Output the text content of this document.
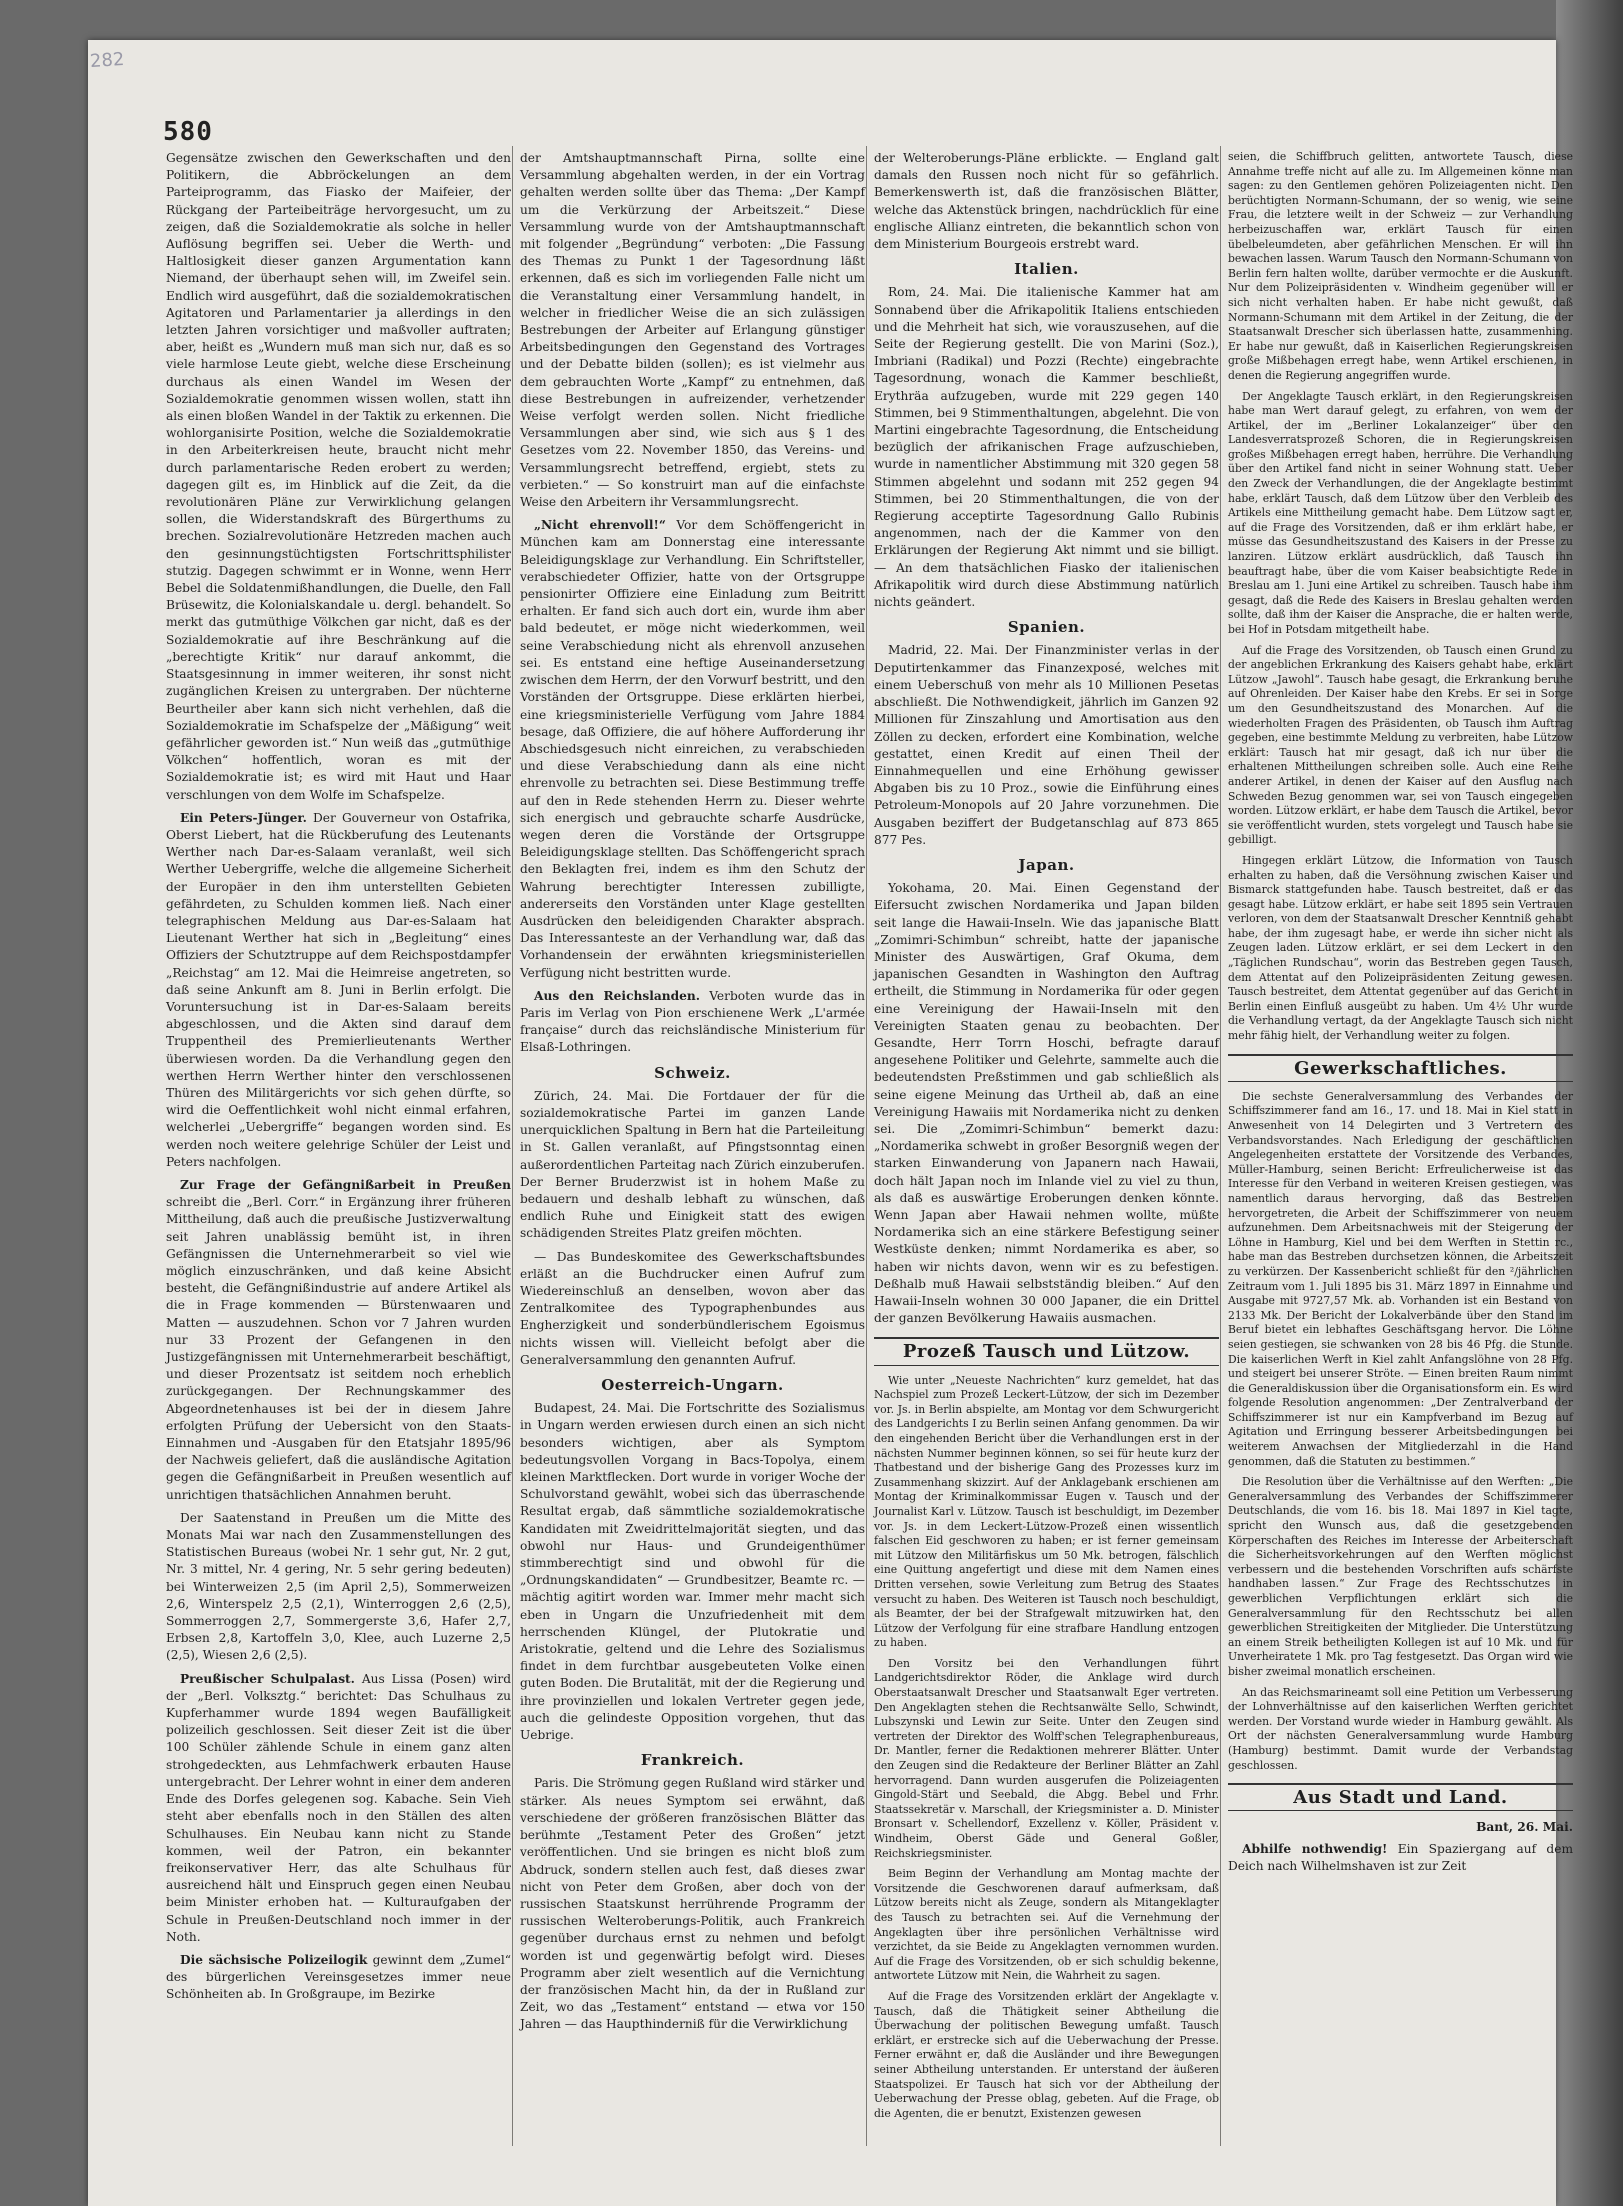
282
580

Gegensätze zwischen den Gewerkschaften und den Politikern, die Abbröckelungen an dem Parteiprogramm, das Fiasko der Maifeier, der Rückgang der Parteibeiträge hervorgesucht, um zu zeigen, daß die Sozialdemokratie als solche in heller Auflösung begriffen sei. Ueber die Werth- und Haltlosigkeit dieser ganzen Argumentation kann Niemand, der überhaupt sehen will, im Zweifel sein. Endlich wird ausgeführt, daß die sozialdemokratischen Agitatoren und Parlamentarier ja allerdings in den letzten Jahren vorsichtiger und maßvoller auftraten; aber, heißt es „Wundern muß man sich nur, daß es so viele harmlose Leute giebt, welche diese Erscheinung durchaus als einen Wandel im Wesen der Sozialdemokratie genommen wissen wollen, statt ihn als einen bloßen Wandel in der Taktik zu erkennen. Die wohlorganisirte Position, welche die Sozialdemokratie in den Arbeiterkreisen heute, braucht nicht mehr durch parlamentarische Reden erobert zu werden; dagegen gilt es, im Hinblick auf die Zeit, da die revolutionären Pläne zur Verwirklichung gelangen sollen, die Widerstandskraft des Bürgerthums zu brechen. Sozialrevolutionäre Hetzreden machen auch den gesinnungstüchtigsten Fortschrittsphilister stutzig. Dagegen schwimmt er in Wonne, wenn Herr Bebel die Soldatenmißhandlungen, die Duelle, den Fall Brüsewitz, die Kolonialskandale u. dergl. behandelt. So merkt das gutmüthige Völkchen gar nicht, daß es der Sozialdemokratie auf ihre Beschränkung auf die „berechtigte Kritik“ nur darauf ankommt, die Staatsgesinnung in immer weiteren, ihr sonst nicht zugänglichen Kreisen zu untergraben. Der nüchterne Beurtheiler aber kann sich nicht verhehlen, daß die Sozialdemokratie im Schafspelze der „Mäßigung“ weit gefährlicher geworden ist.“ Nun weiß das „gutmüthige Völkchen“ hoffentlich, woran es mit der Sozialdemokratie ist; es wird mit Haut und Haar verschlungen von dem Wolfe im Schafspelze.

Ein Peters-Jünger. Der Gouverneur von Ostafrika, Oberst Liebert, hat die Rückberufung des Leutenants Werther nach Dar-es-Salaam veranlaßt, weil sich Werther Uebergriffe, welche die allgemeine Sicherheit der Europäer in den ihm unterstellten Gebieten gefährdeten, zu Schulden kommen ließ. Nach einer telegraphischen Meldung aus Dar-es-Salaam hat Lieutenant Werther hat sich in „Begleitung“ eines Offiziers der Schutztruppe auf dem Reichspostdampfer „Reichstag“ am 12. Mai die Heimreise angetreten, so daß seine Ankunft am 8. Juni in Berlin erfolgt. Die Voruntersuchung ist in Dar-es-Salaam bereits abgeschlossen, und die Akten sind darauf dem Truppentheil des Premierlieutenants Werther überwiesen worden. Da die Verhandlung gegen den werthen Herrn Werther hinter den verschlossenen Thüren des Militärgerichts vor sich gehen dürfte, so wird die Oeffentlichkeit wohl nicht einmal erfahren, welcherlei „Uebergriffe“ begangen worden sind. Es werden noch weitere gelehrige Schüler der Leist und Peters nachfolgen.

Zur Frage der Gefängnißarbeit in Preußen schreibt die „Berl. Corr.“ in Ergänzung ihrer früheren Mittheilung, daß auch die preußische Justizverwaltung seit Jahren unablässig bemüht ist, in ihren Gefängnissen die Unternehmerarbeit so viel wie möglich einzuschränken, und daß keine Absicht besteht, die Gefängnißindustrie auf andere Artikel als die in Frage kommenden — Bürstenwaaren und Matten — auszudehnen. Schon vor 7 Jahren wurden nur 33 Prozent der Gefangenen in den Justizgefängnissen mit Unternehmerarbeit beschäftigt, und dieser Prozentsatz ist seitdem noch erheblich zurückgegangen. Der Rechnungskammer des Abgeordnetenhauses ist bei der in diesem Jahre erfolgten Prüfung der Uebersicht von den Staats-Einnahmen und -Ausgaben für den Etatsjahr 1895/96 der Nachweis geliefert, daß die ausländische Agitation gegen die Gefängnißarbeit in Preußen wesentlich auf unrichtigen thatsächlichen Annahmen beruht.

Der Saatenstand in Preußen um die Mitte des Monats Mai war nach den Zusammenstellungen des Statistischen Bureaus (wobei Nr. 1 sehr gut, Nr. 2 gut, Nr. 3 mittel, Nr. 4 gering, Nr. 5 sehr gering bedeuten) bei Winterweizen 2,5 (im April 2,5), Sommerweizen 2,6, Winterspelz 2,5 (2,1), Winterroggen 2,6 (2,5), Sommerroggen 2,7, Sommergerste 3,6, Hafer 2,7, Erbsen 2,8, Kartoffeln 3,0, Klee, auch Luzerne 2,5 (2,5), Wiesen 2,6 (2,5).

Preußischer Schulpalast. Aus Lissa (Posen) wird der „Berl. Volksztg.“ berichtet: Das Schulhaus zu Kupferhammer wurde 1894 wegen Baufälligkeit polizeilich geschlossen. Seit dieser Zeit ist die über 100 Schüler zählende Schule in einem ganz alten strohgedeckten, aus Lehmfachwerk erbauten Hause untergebracht. Der Lehrer wohnt in einer dem anderen Ende des Dorfes gelegenen sog. Kabache. Sein Vieh steht aber ebenfalls noch in den Ställen des alten Schulhauses. Ein Neubau kann nicht zu Stande kommen, weil der Patron, ein bekannter freikonservativer Herr, das alte Schulhaus für ausreichend hält und Einspruch gegen einen Neubau beim Minister erhoben hat. — Kulturaufgaben der Schule in Preußen-Deutschland noch immer in der Noth.

Die sächsische Polizeilogik gewinnt dem „Zumel“ des bürgerlichen Vereinsgesetzes immer neue Schönheiten ab. In Großgraupe, im Bezirke

der Amtshauptmannschaft Pirna, sollte eine Versammlung abgehalten werden, in der ein Vortrag gehalten werden sollte über das Thema: „Der Kampf um die Verkürzung der Arbeitszeit.“ Diese Versammlung wurde von der Amtshauptmannschaft mit folgender „Begründung“ verboten: „Die Fassung des Themas zu Punkt 1 der Tagesordnung läßt erkennen, daß es sich im vorliegenden Falle nicht um die Veranstaltung einer Versammlung handelt, in welcher in friedlicher Weise die an sich zulässigen Bestrebungen der Arbeiter auf Erlangung günstiger Arbeitsbedingungen den Gegenstand des Vortrages und der Debatte bilden (sollen); es ist vielmehr aus dem gebrauchten Worte „Kampf“ zu entnehmen, daß diese Bestrebungen in aufreizender, verhetzender Weise verfolgt werden sollen. Nicht friedliche Versammlungen aber sind, wie sich aus § 1 des Gesetzes vom 22. November 1850, das Vereins- und Versammlungsrecht betreffend, ergiebt, stets zu verbieten.“ — So konstruirt man auf die einfachste Weise den Arbeitern ihr Versammlungsrecht.

„Nicht ehrenvoll!“ Vor dem Schöffengericht in München kam am Donnerstag eine interessante Beleidigungsklage zur Verhandlung. Ein Schriftsteller, verabschiedeter Offizier, hatte von der Ortsgruppe pensionirter Offiziere eine Einladung zum Beitritt erhalten. Er fand sich auch dort ein, wurde ihm aber bald bedeutet, er möge nicht wiederkommen, weil seine Verabschiedung nicht als ehrenvoll anzusehen sei. Es entstand eine heftige Auseinandersetzung zwischen dem Herrn, der den Vorwurf bestritt, und den Vorständen der Ortsgruppe. Diese erklärten hierbei, eine kriegsministerielle Verfügung vom Jahre 1884 besage, daß Offiziere, die auf höhere Aufforderung ihr Abschiedsgesuch nicht einreichen, zu verabschieden und diese Verabschiedung dann als eine nicht ehrenvolle zu betrachten sei. Diese Bestimmung treffe auf den in Rede stehenden Herrn zu. Dieser wehrte sich energisch und gebrauchte scharfe Ausdrücke, wegen deren die Vorstände der Ortsgruppe Beleidigungsklage stellten. Das Schöffengericht sprach den Beklagten frei, indem es ihm den Schutz der Wahrung berechtigter Interessen zubilligte, andererseits den Vorständen unter Klage gestellten Ausdrücken den beleidigenden Charakter absprach. Das Interessanteste an der Verhandlung war, daß das Vorhandensein der erwähnten kriegsministeriellen Verfügung nicht bestritten wurde.

Aus den Reichslanden. Verboten wurde das in Paris im Verlag von Pion erschienene Werk „L'armée française“ durch das reichsländische Ministerium für Elsaß-Lothringen.

Schweiz.

Zürich, 24. Mai. Die Fortdauer der für die sozialdemokratische Partei im ganzen Lande unerquicklichen Spaltung in Bern hat die Parteileitung in St. Gallen veranlaßt, auf Pfingstsonntag einen außerordentlichen Parteitag nach Zürich einzuberufen. Der Berner Bruderzwist ist in hohem Maße zu bedauern und deshalb lebhaft zu wünschen, daß endlich Ruhe und Einigkeit statt des ewigen schädigenden Streites Platz greifen möchten.

— Das Bundeskomitee des Gewerkschaftsbundes erläßt an die Buchdrucker einen Aufruf zum Wiedereinschluß an denselben, wovon aber das Zentralkomitee des Typographenbundes aus Engherzigkeit und sonderbündlerischem Egoismus nichts wissen will. Vielleicht befolgt aber die Generalversammlung den genannten Aufruf.

Oesterreich-Ungarn.

Budapest, 24. Mai. Die Fortschritte des Sozialismus in Ungarn werden erwiesen durch einen an sich nicht besonders wichtigen, aber als Symptom bedeutungsvollen Vorgang in Bacs-Topolya, einem kleinen Marktflecken. Dort wurde in voriger Woche der Schulvorstand gewählt, wobei sich das überraschende Resultat ergab, daß sämmtliche sozialdemokratische Kandidaten mit Zweidrittelmajorität siegten, und das obwohl nur Haus- und Grundeigenthümer stimmberechtigt sind und obwohl für die „Ordnungskandidaten“ — Grundbesitzer, Beamte rc. — mächtig agitirt worden war. Immer mehr macht sich eben in Ungarn die Unzufriedenheit mit dem herrschenden Klüngel, der Plutokratie und Aristokratie, geltend und die Lehre des Sozialismus findet in dem furchtbar ausgebeuteten Volke einen guten Boden. Die Brutalität, mit der die Regierung und ihre provinziellen und lokalen Vertreter gegen jede, auch die gelindeste Opposition vorgehen, thut das Uebrige.

Frankreich.

Paris. Die Strömung gegen Rußland wird stärker und stärker. Als neues Symptom sei erwähnt, daß verschiedene der größeren französischen Blätter das berühmte „Testament Peter des Großen“ jetzt veröffentlichen. Und sie bringen es nicht bloß zum Abdruck, sondern stellen auch fest, daß dieses zwar nicht von Peter dem Großen, aber doch von der russischen Staatskunst herrührende Programm der russischen Welteroberungs-Politik, auch Frankreich gegenüber durchaus ernst zu nehmen und befolgt worden ist und gegenwärtig befolgt wird. Dieses Programm aber zielt wesentlich auf die Vernichtung der französischen Macht hin, da der in Rußland zur Zeit, wo das „Testament“ entstand — etwa vor 150 Jahren — das Haupthinderniß für die Verwirklichung

der Welteroberungs-Pläne erblickte. — England galt damals den Russen noch nicht für so gefährlich. Bemerkenswerth ist, daß die französischen Blätter, welche das Aktenstück bringen, nachdrücklich für eine englische Allianz eintreten, die bekanntlich schon von dem Ministerium Bourgeois erstrebt ward.

Italien.

Rom, 24. Mai. Die italienische Kammer hat am Sonnabend über die Afrikapolitik Italiens entschieden und die Mehrheit hat sich, wie vorauszusehen, auf die Seite der Regierung gestellt. Die von Marini (Soz.), Imbriani (Radikal) und Pozzi (Rechte) eingebrachte Tagesordnung, wonach die Kammer beschließt, Erythräa aufzugeben, wurde mit 229 gegen 140 Stimmen, bei 9 Stimmenthaltungen, abgelehnt. Die von Martini eingebrachte Tagesordnung, die Entscheidung bezüglich der afrikanischen Frage aufzuschieben, wurde in namentlicher Abstimmung mit 320 gegen 58 Stimmen abgelehnt und sodann mit 252 gegen 94 Stimmen, bei 20 Stimmenthaltungen, die von der Regierung acceptirte Tagesordnung Gallo Rubinis angenommen, nach der die Kammer von den Erklärungen der Regierung Akt nimmt und sie billigt. — An dem thatsächlichen Fiasko der italienischen Afrikapolitik wird durch diese Abstimmung natürlich nichts geändert.

Spanien.

Madrid, 22. Mai. Der Finanzminister verlas in der Deputirtenkammer das Finanzexposé, welches mit einem Ueberschuß von mehr als 10 Millionen Pesetas abschließt. Die Nothwendigkeit, jährlich im Ganzen 92 Millionen für Zinszahlung und Amortisation aus den Zöllen zu decken, erfordert eine Kombination, welche gestattet, einen Kredit auf einen Theil der Einnahmequellen und eine Erhöhung gewisser Abgaben bis zu 10 Proz., sowie die Einführung eines Petroleum-Monopols auf 20 Jahre vorzunehmen. Die Ausgaben beziffert der Budgetanschlag auf 873 865 877 Pes.

Japan.

Yokohama, 20. Mai. Einen Gegenstand der Eifersucht zwischen Nordamerika und Japan bilden seit lange die Hawaii-Inseln. Wie das japanische Blatt „Zomimri-Schimbun“ schreibt, hatte der japanische Minister des Auswärtigen, Graf Okuma, dem japanischen Gesandten in Washington den Auftrag ertheilt, die Stimmung in Nordamerika für oder gegen eine Vereinigung der Hawaii-Inseln mit den Vereinigten Staaten genau zu beobachten. Der Gesandte, Herr Torrn Hoschi, befragte darauf angesehene Politiker und Gelehrte, sammelte auch die bedeutendsten Preßstimmen und gab schließlich als seine eigene Meinung das Urtheil ab, daß an eine Vereinigung Hawaiis mit Nordamerika nicht zu denken sei. Die „Zomimri-Schimbun“ bemerkt dazu: „Nordamerika schwebt in großer Besorgniß wegen der starken Einwanderung von Japanern nach Hawaii, doch hält Japan noch im Inlande viel zu viel zu thun, als daß es auswärtige Eroberungen denken könnte. Wenn Japan aber Hawaii nehmen wollte, müßte Nordamerika sich an eine stärkere Befestigung seiner Westküste denken; nimmt Nordamerika es aber, so haben wir nichts davon, wenn wir es zu befestigen. Deßhalb muß Hawaii selbstständig bleiben.“ Auf den Hawaii-Inseln wohnen 30 000 Japaner, die ein Drittel der ganzen Bevölkerung Hawaiis ausmachen.

Prozeß Tausch und Lützow.

Wie unter „Neueste Nachrichten“ kurz gemeldet, hat das Nachspiel zum Prozeß Leckert-Lützow, der sich im Dezember vor. Js. in Berlin abspielte, am Montag vor dem Schwurgericht des Landgerichts I zu Berlin seinen Anfang genommen. Da wir den eingehenden Bericht über die Verhandlungen erst in der nächsten Nummer beginnen können, so sei für heute kurz der Thatbestand und der bisherige Gang des Prozesses kurz im Zusammenhang skizzirt. Auf der Anklagebank erschienen am Montag der Kriminalkommissar Eugen v. Tausch und der Journalist Karl v. Lützow. Tausch ist beschuldigt, im Dezember vor. Js. in dem Leckert-Lützow-Prozeß einen wissentlich falschen Eid geschworen zu haben; er ist ferner gemeinsam mit Lützow den Militärfiskus um 50 Mk. betrogen, fälschlich eine Quittung angefertigt und diese mit dem Namen eines Dritten versehen, sowie Verleitung zum Betrug des Staates versucht zu haben. Des Weiteren ist Tausch noch beschuldigt, als Beamter, der bei der Strafgewalt mitzuwirken hat, den Lützow der Verfolgung für eine strafbare Handlung entzogen zu haben.

Den Vorsitz bei den Verhandlungen führt Landgerichtsdirektor Röder, die Anklage wird durch Oberstaatsanwalt Drescher und Staatsanwalt Eger vertreten. Den Angeklagten stehen die Rechtsanwälte Sello, Schwindt, Lubszynski und Lewin zur Seite. Unter den Zeugen sind vertreten der Direktor des Wolff'schen Telegraphenbureaus, Dr. Mantler, ferner die Redaktionen mehrerer Blätter. Unter den Zeugen sind die Redakteure der Berliner Blätter an Zahl hervorragend. Dann wurden ausgerufen die Polizeiagenten Gingold-Stärt und Seebald, die Abgg. Bebel und Frhr. Staatssekretär v. Marschall, der Kriegsminister a. D. Minister Bronsart v. Schellendorf, Exzellenz v. Köller, Präsident v. Windheim, Oberst Gäde und General Goßler, Reichskriegsminister.

Beim Beginn der Verhandlung am Montag machte der Vorsitzende die Geschworenen darauf aufmerksam, daß Lützow bereits nicht als Zeuge, sondern als Mitangeklagter des Tausch zu betrachten sei. Auf die Vernehmung der Angeklagten über ihre persönlichen Verhältnisse wird verzichtet, da sie Beide zu Angeklagten vernommen wurden. Auf die Frage des Vorsitzenden, ob er sich schuldig bekenne, antwortete Lützow mit Nein, die Wahrheit zu sagen.

Auf die Frage des Vorsitzenden erklärt der Angeklagte v. Tausch, daß die Thätigkeit seiner Abtheilung die Überwachung der politischen Bewegung umfaßt. Tausch erklärt, er erstrecke sich auf die Ueberwachung der Presse. Ferner erwähnt er, daß die Ausländer und ihre Bewegungen seiner Abtheilung unterstanden. Er unterstand der äußeren Staatspolizei. Er Tausch hat sich vor der Abtheilung der Ueberwachung der Presse oblag, gebeten. Auf die Frage, ob die Agenten, die er benutzt, Existenzen gewesen

seien, die Schiffbruch gelitten, antwortete Tausch, diese Annahme treffe nicht auf alle zu. Im Allgemeinen könne man sagen: zu den Gentlemen gehören Polizeiagenten nicht. Den berüchtigten Normann-Schumann, der so wenig, wie seine Frau, die letztere weilt in der Schweiz — zur Verhandlung herbeizuschaffen war, erklärt Tausch für einen übelbeleumdeten, aber gefährlichen Menschen. Er will ihn bewachen lassen. Warum Tausch den Normann-Schumann von Berlin fern halten wollte, darüber vermochte er die Auskunft. Nur dem Polizeipräsidenten v. Windheim gegenüber will er sich nicht verhalten haben. Er habe nicht gewußt, daß Normann-Schumann mit dem Artikel in der Zeitung, die der Staatsanwalt Drescher sich überlassen hatte, zusammenhing. Er habe nur gewußt, daß in Kaiserlichen Regierungskreisen große Mißbehagen erregt habe, wenn Artikel erschienen, in denen die Regierung angegriffen wurde.

Der Angeklagte Tausch erklärt, in den Regierungskreisen habe man Wert darauf gelegt, zu erfahren, von wem der Artikel, der im „Berliner Lokalanzeiger“ über den Landesverratsprozeß Schoren, die in Regierungskreisen großes Mißbehagen erregt haben, herrühre. Die Verhandlung über den Artikel fand nicht in seiner Wohnung statt. Ueber den Zweck der Verhandlungen, die der Angeklagte bestimmt habe, erklärt Tausch, daß dem Lützow über den Verbleib des Artikels eine Mittheilung gemacht habe. Dem Lützow sagt er, auf die Frage des Vorsitzenden, daß er ihm erklärt habe, er müsse das Gesundheitszustand des Kaisers in der Presse zu lanziren. Lützow erklärt ausdrücklich, daß Tausch ihn beauftragt habe, über die vom Kaiser beabsichtigte Rede in Breslau am 1. Juni eine Artikel zu schreiben. Tausch habe ihm gesagt, daß die Rede des Kaisers in Breslau gehalten werden sollte, daß ihm der Kaiser die Ansprache, die er halten werde, bei Hof in Potsdam mitgetheilt habe.

Auf die Frage des Vorsitzenden, ob Tausch einen Grund zu der angeblichen Erkrankung des Kaisers gehabt habe, erklärt Lützow „Jawohl“. Tausch habe gesagt, die Erkrankung beruhe auf Ohrenleiden. Der Kaiser habe den Krebs. Er sei in Sorge um den Gesundheitszustand des Monarchen. Auf die wiederholten Fragen des Präsidenten, ob Tausch ihm Auftrag gegeben, eine bestimmte Meldung zu verbreiten, habe Lützow erklärt: Tausch hat mir gesagt, daß ich nur über die erhaltenen Mittheilungen schreiben solle. Auch eine Reihe anderer Artikel, in denen der Kaiser auf den Ausflug nach Schweden Bezug genommen war, sei von Tausch eingegeben worden. Lützow erklärt, er habe dem Tausch die Artikel, bevor sie veröffentlicht wurden, stets vorgelegt und Tausch habe sie gebilligt.

Hingegen erklärt Lützow, die Information von Tausch erhalten zu haben, daß die Versöhnung zwischen Kaiser und Bismarck stattgefunden habe. Tausch bestreitet, daß er das gesagt habe. Lützow erklärt, er habe seit 1895 sein Vertrauen verloren, von dem der Staatsanwalt Drescher Kenntniß gehabt habe, der ihm zugesagt habe, er werde ihn sicher nicht als Zeugen laden. Lützow erklärt, er sei dem Leckert in den „Täglichen Rundschau“, worin das Bestreben gegen Tausch, dem Attentat auf den Polizeipräsidenten Zeitung gewesen. Tausch bestreitet, dem Attentat gegenüber auf das Gericht in Berlin einen Einfluß ausgeübt zu haben. Um 4½ Uhr wurde die Verhandlung vertagt, da der Angeklagte Tausch sich nicht mehr fähig hielt, der Verhandlung weiter zu folgen.

Gewerkschaftliches.

Die sechste Generalversammlung des Verbandes der Schiffszimmerer fand am 16., 17. und 18. Mai in Kiel statt in Anwesenheit von 14 Delegirten und 3 Vertretern des Verbandsvorstandes. Nach Erledigung der geschäftlichen Angelegenheiten erstattete der Vorsitzende des Verbandes, Müller-Hamburg, seinen Bericht: Erfreulicherweise ist das Interesse für den Verband in weiteren Kreisen gestiegen, was namentlich daraus hervorging, daß das Bestreben hervorgetreten, die Arbeit der Schiffszimmerer von neuem aufzunehmen. Dem Arbeitsnachweis mit der Steigerung der Löhne in Hamburg, Kiel und bei dem Werften in Stettin rc., habe man das Bestreben durchsetzen können, die Arbeitszeit zu verkürzen. Der Kassenbericht schließt für den ²/jährlichen Zeitraum vom 1. Juli 1895 bis 31. März 1897 in Einnahme und Ausgabe mit 9727,57 Mk. ab. Vorhanden ist ein Bestand von 2133 Mk. Der Bericht der Lokalverbände über den Stand im Beruf bietet ein lebhaftes Geschäftsgang hervor. Die Löhne seien gestiegen, sie schwanken von 28 bis 46 Pfg. die Stunde. Die kaiserlichen Werft in Kiel zahlt Anfangslöhne von 28 Pfg. und steigert bei unserer Ströte. — Einen breiten Raum nimmt die Generaldiskussion über die Organisationsform ein. Es wird folgende Resolution angenommen: „Der Zentralverband der Schiffszimmerer ist nur ein Kampfverband im Bezug auf Agitation und Erringung besserer Arbeitsbedingungen bei weiterem Anwachsen der Mitgliederzahl in die Hand genommen, daß die Statuten zu bestimmen.“

Die Resolution über die Verhältnisse auf den Werften: „Die Generalversammlung des Verbandes der Schiffszimmerer Deutschlands, die vom 16. bis 18. Mai 1897 in Kiel tagte, spricht den Wunsch aus, daß die gesetzgebenden Körperschaften des Reiches im Interesse der Arbeiterschaft die Sicherheitsvorkehrungen auf den Werften möglichst verbessern und die bestehenden Vorschriften aufs schärfste handhaben lassen.“ Zur Frage des Rechtsschutzes in gewerblichen Verpflichtungen erklärt sich die Generalversammlung für den Rechtsschutz bei allen gewerblichen Streitigkeiten der Mitglieder. Die Unterstützung an einem Streik betheiligten Kollegen ist auf 10 Mk. und für Unverheiratete 1 Mk. pro Tag festgesetzt. Das Organ wird wie bisher zweimal monatlich erscheinen.

An das Reichsmarineamt soll eine Petition um Verbesserung der Lohnverhältnisse auf den kaiserlichen Werften gerichtet werden. Der Vorstand wurde wieder in Hamburg gewählt. Als Ort der nächsten Generalversammlung wurde Hamburg (Hamburg) bestimmt. Damit wurde der Verbandstag geschlossen.

Aus Stadt und Land.
Bant, 26. Mai.

Abhilfe nothwendig! Ein Spaziergang auf dem Deich nach Wilhelmshaven ist zur Zeit
